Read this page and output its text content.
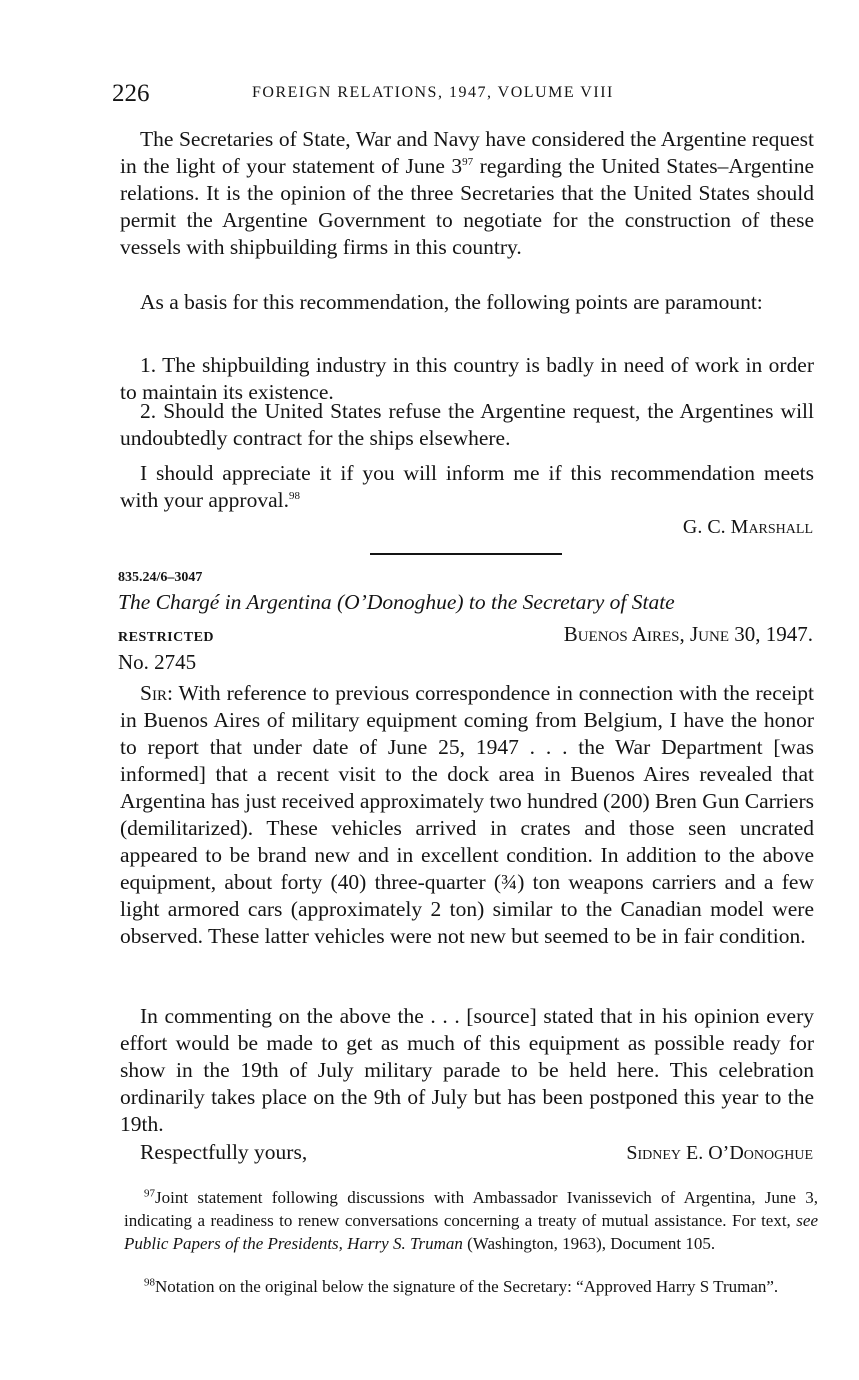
226	FOREIGN RELATIONS, 1947, VOLUME VIII
The Secretaries of State, War and Navy have considered the Argentine request in the light of your statement of June $3^{97}$ regarding the United States–Argentine relations. It is the opinion of the three Secretaries that the United States should permit the Argentine Government to negotiate for the construction of these vessels with shipbuilding firms in this country.
As a basis for this recommendation, the following points are paramount:
1. The shipbuilding industry in this country is badly in need of work in order to maintain its existence.
2. Should the United States refuse the Argentine request, the Argentines will undoubtedly contract for the ships elsewhere.
I should appreciate it if you will inform me if this recommendation meets with your approval.$^{98}$
G. C. Marshall
835.24/6–3047
The Chargé in Argentina (O’Donoghue) to the Secretary of State
RESTRICTED	Buenos Aires, June 30, 1947.
No. 2745
Sir: With reference to previous correspondence in connection with the receipt in Buenos Aires of military equipment coming from Belgium, I have the honor to report that under date of June 25, 1947 . . . the War Department [was informed] that a recent visit to the dock area in Buenos Aires revealed that Argentina has just received approximately two hundred (200) Bren Gun Carriers (demilitarized). These vehicles arrived in crates and those seen uncrated appeared to be brand new and in excellent condition. In addition to the above equipment, about forty (40) three-quarter (¾) ton weapons carriers and a few light armored cars (approximately 2 ton) similar to the Canadian model were observed. These latter vehicles were not new but seemed to be in fair condition.
In commenting on the above the . . . [source] stated that in his opinion every effort would be made to get as much of this equipment as possible ready for show in the 19th of July military parade to be held here. This celebration ordinarily takes place on the 9th of July but has been postponed this year to the 19th.
Respectfully yours,	Sidney E. O’Donoghue
$^{97}$Joint statement following discussions with Ambassador Ivanissevich of Argentina, June 3, indicating a readiness to renew conversations concerning a treaty of mutual assistance. For text, see Public Papers of the Presidents, Harry S. Truman (Washington, 1963), Document 105.
$^{98}$Notation on the original below the signature of the Secretary: “Approved Harry S Truman”.
